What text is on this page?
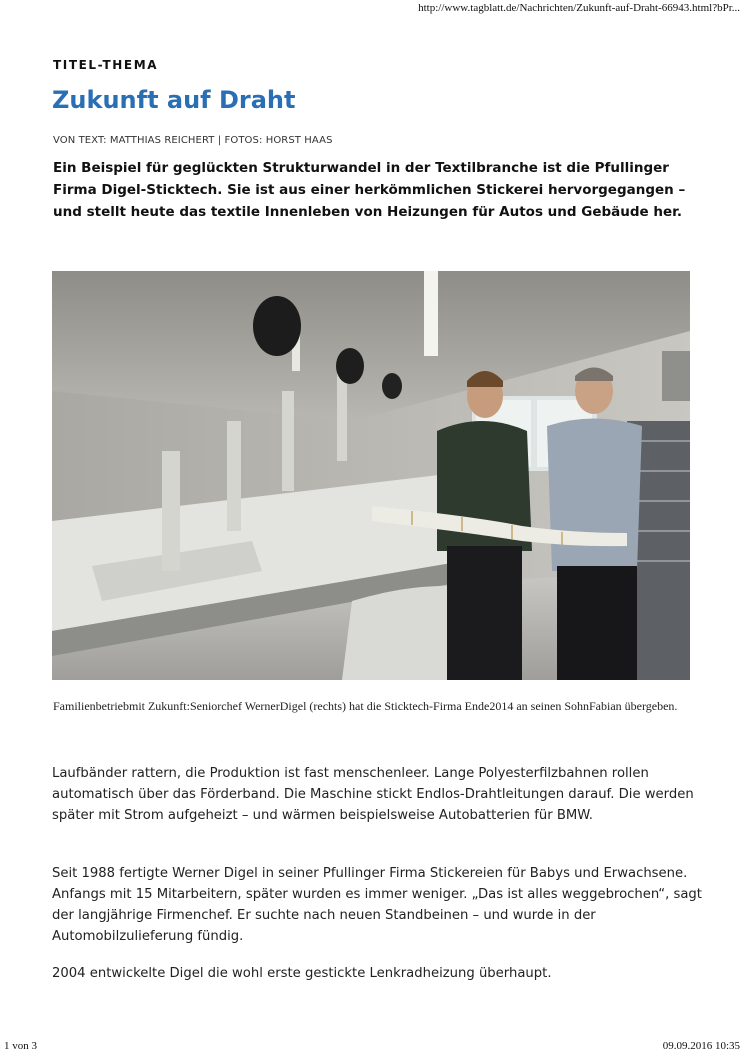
http://www.tagblatt.de/Nachrichten/Zukunft-auf-Draht-66943.html?bPr...
TITEL-THEMA
Zukunft auf Draht
VON TEXT: MATTHIAS REICHERT | FOTOS: HORST HAAS

Ein Beispiel für geglückten Strukturwandel in der Textilbranche ist die Pfullinger Firma Digel-Sticktech. Sie ist aus einer herkömmlichen Stickerei hervorgegangen – und stellt heute das textile Innenleben von Heizungen für Autos und Gebäude her.

Familienbetriebmit Zukunft:Seniorchef WernerDigel (rechts) hat die Sticktech-Firma Ende2014 an seinen SohnFabian übergeben.

Laufbänder rattern, die Produktion ist fast menschenleer. Lange Polyesterfilzbahnen rollen automatisch über das Förderband. Die Maschine stickt Endlos-Drahtleitungen darauf. Die werden später mit Strom aufgeheizt – und wärmen beispielsweise Autobatterien für BMW.

Seit 1988 fertigte Werner Digel in seiner Pfullinger Firma Stickereien für Babys und Erwachsene. Anfangs mit 15 Mitarbeitern, später wurden es immer weniger. „Das ist alles weggebrochen“, sagt der langjährige Firmenchef. Er suchte nach neuen Standbeinen – und wurde in der Automobilzulieferung fündig.

2004 entwickelte Digel die wohl erste gestickte Lenkradheizung überhaupt.

1 von 3	09.09.2016 10:35
